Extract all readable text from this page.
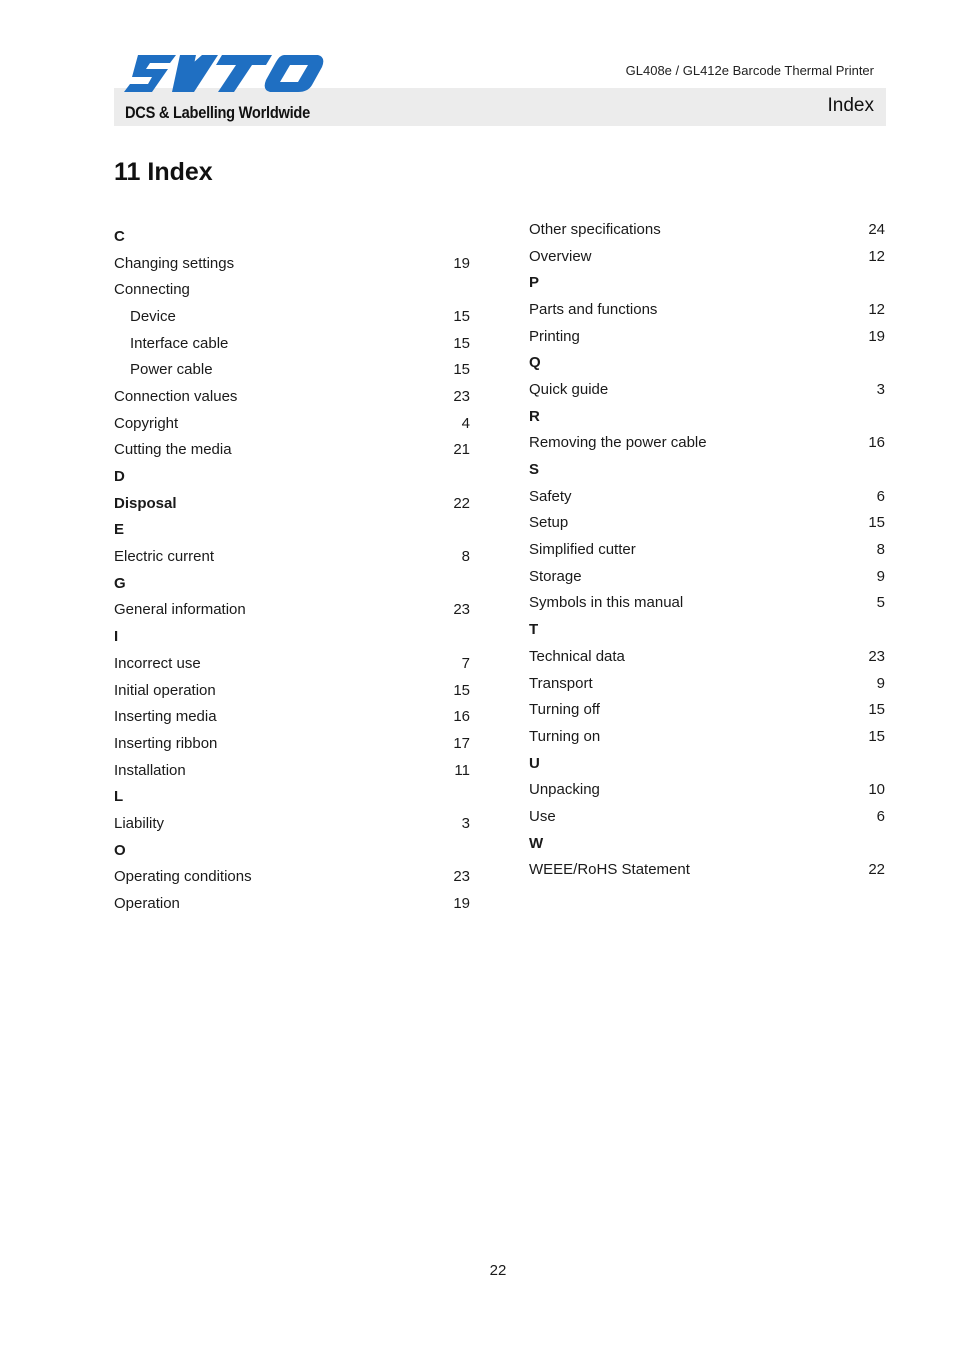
DCS & Labelling Worldwide
GL408e / GL412e Barcode Thermal Printer
Index
11 Index
C
Changing settings	19
Connecting
Device	15
Interface cable	15
Power cable	15
Connection values	23
Copyright	4
Cutting the media	21
D
Disposal	22
E
Electric current	8
G
General information	23
I
Incorrect use	7
Initial operation	15
Inserting media	16
Inserting ribbon	17
Installation	11
L
Liability	3
O
Operating conditions	23
Operation	19
Other specifications	24
Overview	12
P
Parts and functions	12
Printing	19
Q
Quick guide	3
R
Removing the power cable	16
S
Safety	6
Setup	15
Simplified cutter	8
Storage	9
Symbols in this manual	5
T
Technical data	23
Transport	9
Turning off	15
Turning on	15
U
Unpacking	10
Use	6
W
WEEE/RoHS Statement	22
22
